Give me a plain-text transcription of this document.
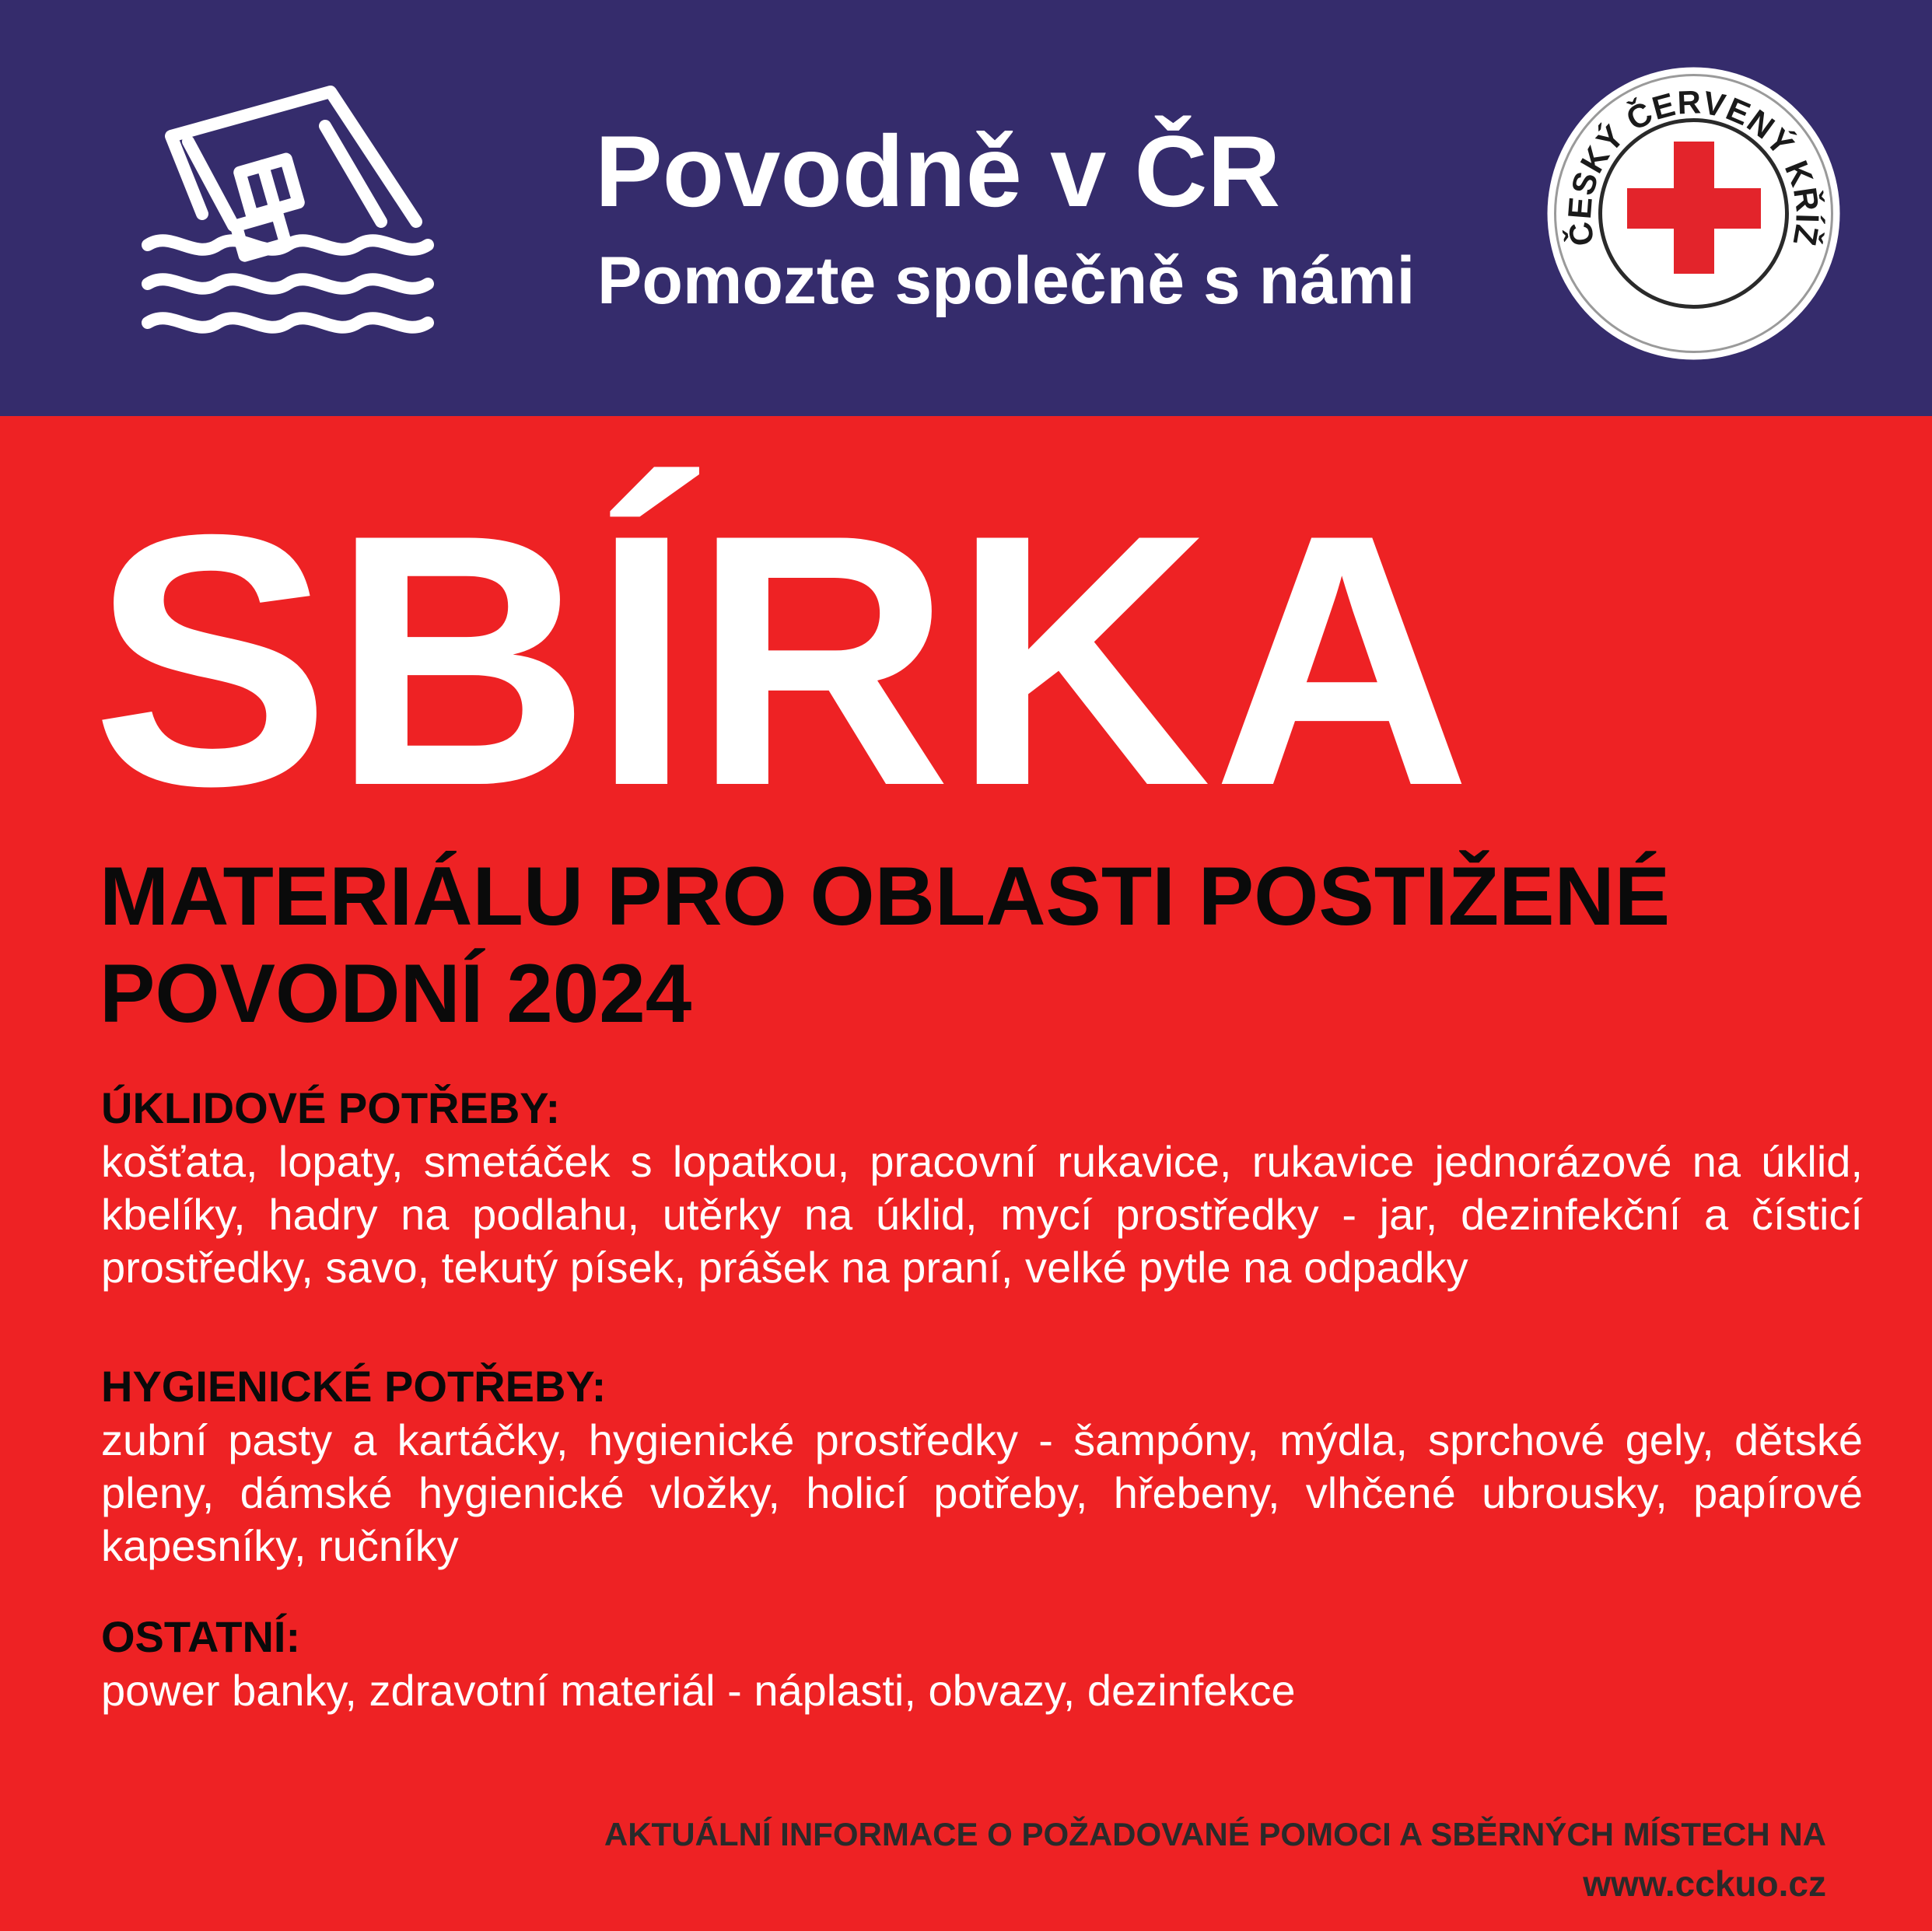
Povodně v ČR
Pomozte společně s námi
ČESKÝ ČERVENÝ KŘÍŽ
SBÍRKA
MATERIÁLU PRO OBLASTI POSTIŽENÉ
POVODNÍ 2024
ÚKLIDOVÉ POTŘEBY:
košťata, lopaty, smetáček s lopatkou, pracovní rukavice, rukavice jednorázové na úklid, kbelíky, hadry na podlahu, utěrky na úklid, mycí prostředky - jar, dezinfekční a čísticí prostředky, savo, tekutý písek, prášek na praní, velké pytle na odpadky
HYGIENICKÉ POTŘEBY:
zubní pasty a kartáčky, hygienické prostředky - šampóny, mýdla, sprchové gely, dětské pleny, dámské hygienické vložky, holicí potřeby, hřebeny, vlhčené ubrousky, papírové kapesníky, ručníky
OSTATNÍ:
power banky, zdravotní materiál - náplasti, obvazy, dezinfekce
AKTUÁLNÍ INFORMACE O POŽADOVANÉ POMOCI A SBĚRNÝCH MÍSTECH NA
www.cckuo.cz
